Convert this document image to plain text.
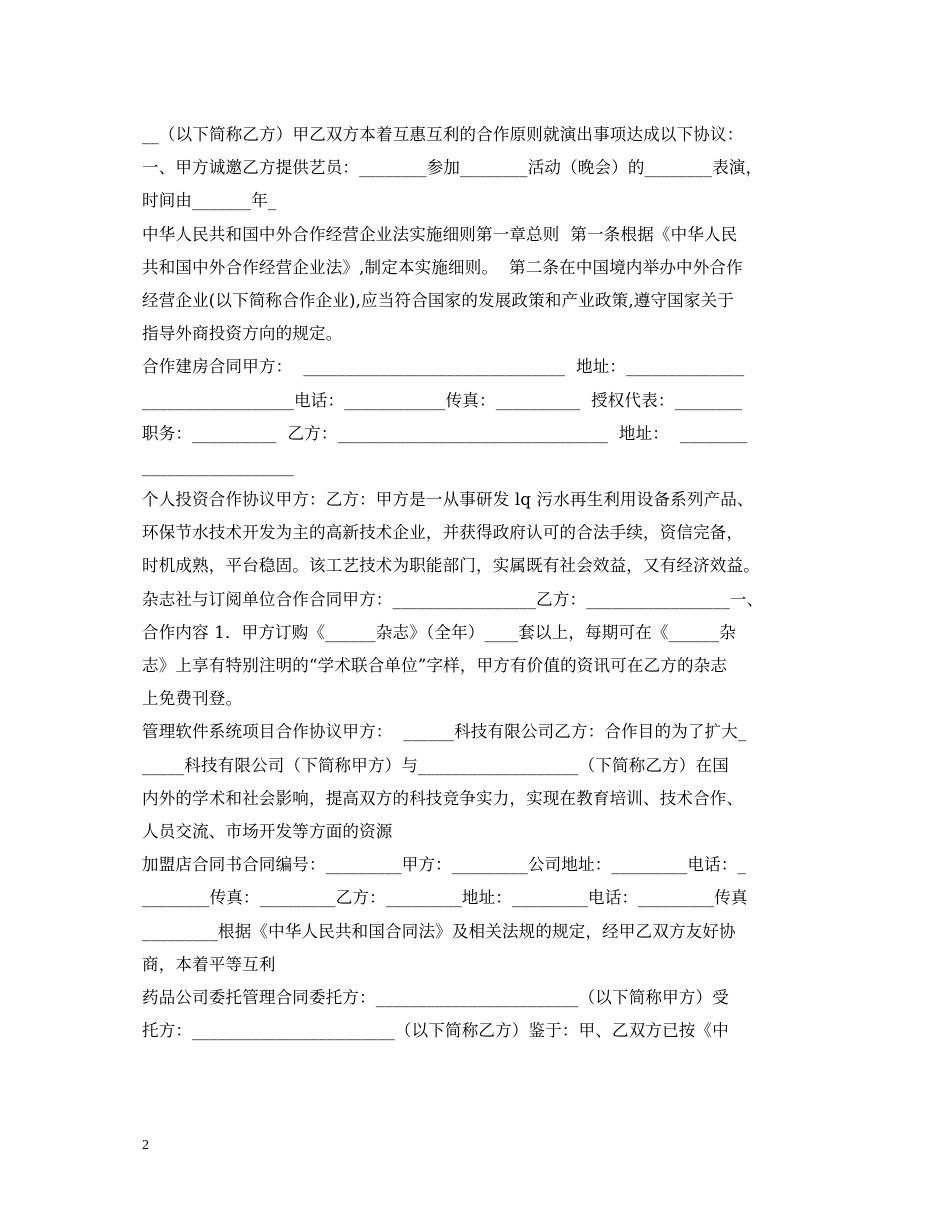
__（以下简称乙方）甲乙双方本着互惠互利的合作原则就演出事项达成以下协议：
一、甲方诚邀乙方提供艺员：________参加________活动（晚会）的________表演，
时间由_______年_
中华人民共和国中外合作经营企业法实施细则第一章总则  第一条根据《中华人民
共和国中外合作经营企业法》,制定本实施细则。  第二条在中国境内举办中外合作
经营企业(以下简称合作企业),应当符合国家的发展政策和产业政策,遵守国家关于
指导外商投资方向的规定。
合作建房合同甲方：  _______________________________  地址：______________
__________________电话：____________传真：__________  授权代表：________
职务：__________  乙方：________________________________  地址：  ________
__________________
个人投资合作协议甲方：乙方：甲方是一从事研发 lq 污水再生利用设备系列产品、
环保节水技术开发为主的高新技术企业，并获得政府认可的合法手续，资信完备，
时机成熟，平台稳固。该工艺技术为职能部门，实属既有社会效益，又有经济效益。
杂志社与订阅单位合作合同甲方：_________________乙方：_________________一、
合作内容 1．甲方订购《______杂志》（全年）____套以上，每期可在《______杂
志》上享有特别注明的“学术联合单位”字样，甲方有价值的资讯可在乙方的杂志
上免费刊登。
管理软件系统项目合作协议甲方：  ______科技有限公司乙方：合作目的为了扩大_
_____科技有限公司（下简称甲方）与___________________（下简称乙方）在国
内外的学术和社会影响，提高双方的科技竞争实力，实现在教育培训、技术合作、
人员交流、市场开发等方面的资源
加盟店合同书合同编号：_________甲方：_________公司地址：_________电话：_
________传真：_________乙方：_________地址：_________电话：_________传真
_________根据《中华人民共和国合同法》及相关法规的规定，经甲乙双方友好协
商，本着平等互利
药品公司委托管理合同委托方：________________________（以下简称甲方）受
托方：________________________（以下简称乙方）鉴于：甲、乙双方已按《中
2
